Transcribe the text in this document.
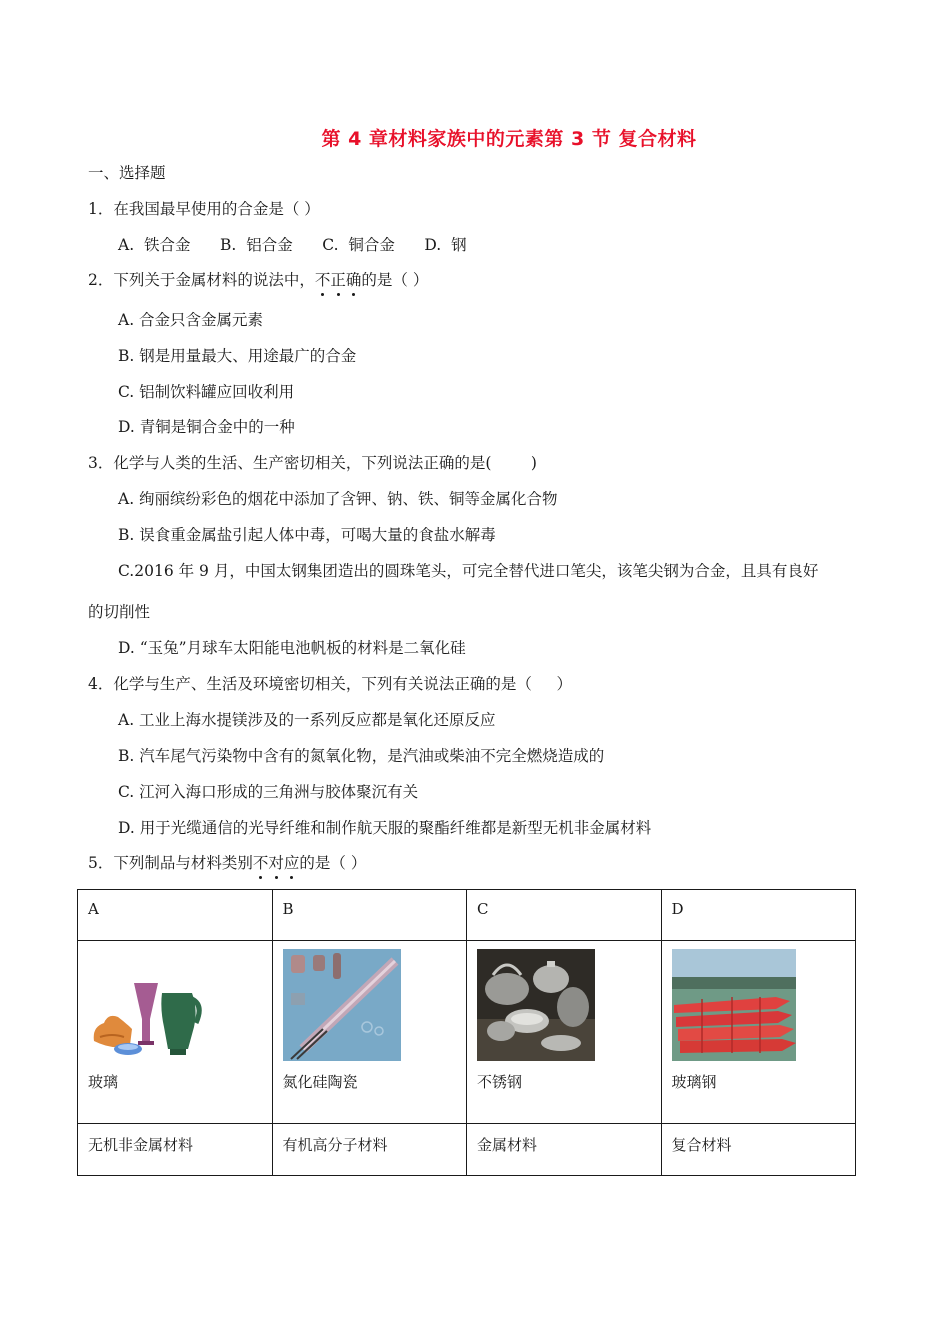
第 4 章材料家族中的元素第 3 节 复合材料
一、选择题
1．在我国最早使用的合金是（ ）
A.  铁合金      B.  铝合金      C.  铜合金      D.  钢
2．下列关于金属材料的说法中，不正确的是（ ）
A. 合金只含金属元素
B. 钢是用量最大、用途最广的合金
C. 铝制饮料罐应回收利用
D. 青铜是铜合金中的一种
3．化学与人类的生活、生产密切相关，下列说法正确的是(        )
A. 绚丽缤纷彩色的烟花中添加了含钾、钠、铁、铜等金属化合物
B. 误食重金属盐引起人体中毒，可喝大量的食盐水解毒
C.2016 年 9 月，中国太钢集团造出的圆珠笔头，可完全替代进口笔尖，该笔尖钢为合金，且具有良好
的切削性
D. “玉兔”月球车太阳能电池帆板的材料是二氧化硅
4．化学与生产、生活及环境密切相关，下列有关说法正确的是（     ）
A. 工业上海水提镁涉及的一系列反应都是氧化还原反应
B. 汽车尾气污染物中含有的氮氧化物，是汽油或柴油不完全燃烧造成的
C. 江河入海口形成的三角洲与胶体聚沉有关
D. 用于光缆通信的光导纤维和制作航天服的聚酯纤维都是新型无机非金属材料
5．下列制品与材料类别不对应的是（ ）
A	B	C	D

玻璃	氮化硅陶瓷	不锈钢	玻璃钢

无机非金属材料	有机高分子材料	金属材料	复合材料
